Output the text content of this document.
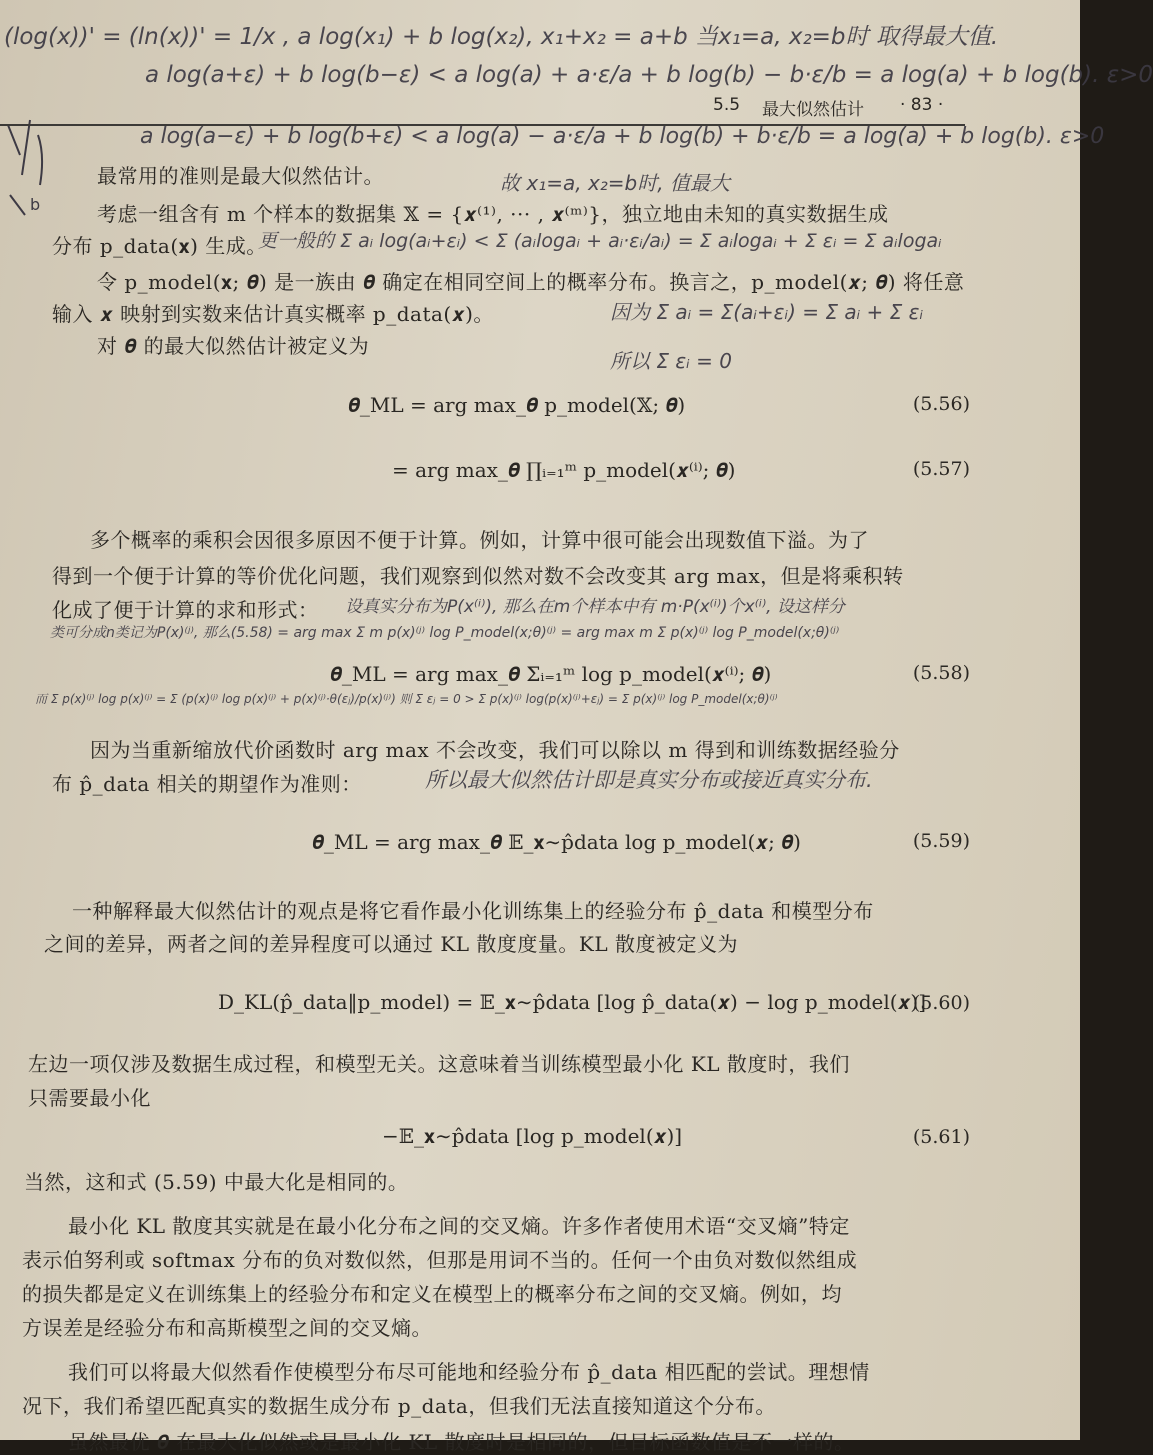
b
(log(x))' = (ln(x))' = 1/x , a log(x₁) + b log(x₂), x₁+x₂ = a+b 当x₁=a, x₂=b时 取得最大值.
a log(a+ε) + b log(b−ε) < a log(a) + a·ε/a + b log(b) − b·ε/b = a log(a) + b log(b). ε>0
5.5 最大似然估计 · 83 ·
a log(a−ε) + b log(b+ε) < a log(a) − a·ε/a + b log(b) + b·ε/b = a log(a) + b log(b). ε>0
最常用的准则是最大似然估计。	故 x₁=a, x₂=b时, 值最大
考虑一组含有 m 个样本的数据集 𝕏 = {𝒙⁽¹⁾, ··· , 𝒙⁽ᵐ⁾}，独立地由未知的真实数据生成
分布 p_data(𝐱) 生成。
更一般的 Σ aᵢ log(aᵢ+εᵢ) < Σ (aᵢlogaᵢ + aᵢ·εᵢ/aᵢ) = Σ aᵢlogaᵢ + Σ εᵢ = Σ aᵢlogaᵢ
令 p_model(𝐱; 𝜽) 是一族由 𝜽 确定在相同空间上的概率分布。换言之，p_model(𝒙; 𝜽) 将任意
输入 𝒙 映射到实数来估计真实概率 p_data(𝒙)。	因为 Σ aᵢ = Σ(aᵢ+εᵢ) = Σ aᵢ + Σ εᵢ
对 𝜽 的最大似然估计被定义为
所以 Σ εᵢ = 0
𝜽_ML = arg max_𝜽 p_model(𝕏; 𝜽)	(5.56)
= arg max_𝜽 ∏ᵢ₌₁ᵐ p_model(𝒙⁽ⁱ⁾; 𝜽)	(5.57)
多个概率的乘积会因很多原因不便于计算。例如，计算中很可能会出现数值下溢。为了
得到一个便于计算的等价优化问题，我们观察到似然对数不会改变其 arg max，但是将乘积转
化成了便于计算的求和形式： 设真实分布为P(x⁽ⁱ⁾), 那么在m个样本中有 m·P(x⁽ⁱ⁾)个x⁽ⁱ⁾, 设这样分
类可分成n类记为P(x)⁽ʲ⁾, 那么(5.58) = arg max Σ m p(x)⁽ʲ⁾ log P_model(x;θ)⁽ʲ⁾ = arg max m Σ p(x)⁽ʲ⁾ log P_model(x;θ)⁽ʲ⁾
𝜽_ML = arg max_𝜽 Σᵢ₌₁ᵐ log p_model(𝒙⁽ⁱ⁾; 𝜽)	(5.58)
而 Σ p(x)⁽ʲ⁾ log p(x)⁽ʲ⁾ = Σ (p(x)⁽ʲ⁾ log p(x)⁽ʲ⁾ + p(x)⁽ʲ⁾·θ(εⱼ)/p(x)⁽ʲ⁾) 则 Σ εⱼ = 0 > Σ p(x)⁽ʲ⁾ log(p(x)⁽ʲ⁾+εⱼ) = Σ p(x)⁽ʲ⁾ log P_model(x;θ)⁽ʲ⁾
因为当重新缩放代价函数时 arg max 不会改变，我们可以除以 m 得到和训练数据经验分
布 p̂_data 相关的期望作为准则：	所以最大似然估计即是真实分布或接近真实分布.
𝜽_ML = arg max_𝜽 𝔼_𝐱∼p̂data log p_model(𝒙; 𝜽)	(5.59)
一种解释最大似然估计的观点是将它看作最小化训练集上的经验分布 p̂_data 和模型分布
之间的差异，两者之间的差异程度可以通过 KL 散度度量。KL 散度被定义为
D_KL(p̂_data‖p_model) = 𝔼_𝐱∼p̂data [log p̂_data(𝒙) − log p_model(𝒙)]
(5.60)
左边一项仅涉及数据生成过程，和模型无关。这意味着当训练模型最小化 KL 散度时，我们
只需要最小化
−𝔼_𝐱∼p̂data [log p_model(𝒙)]	(5.61)
当然，这和式 (5.59) 中最大化是相同的。
最小化 KL 散度其实就是在最小化分布之间的交叉熵。许多作者使用术语“交叉熵”特定
表示伯努利或 softmax 分布的负对数似然，但那是用词不当的。任何一个由负对数似然组成
的损失都是定义在训练集上的经验分布和定义在模型上的概率分布之间的交叉熵。例如，均
方误差是经验分布和高斯模型之间的交叉熵。
我们可以将最大似然看作使模型分布尽可能地和经验分布 p̂_data 相匹配的尝试。理想情
况下，我们希望匹配真实的数据生成分布 p_data，但我们无法直接知道这个分布。
虽然最优 𝜽 在最大化似然或是最小化 KL 散度时是相同的，但目标函数值是不一样的。
